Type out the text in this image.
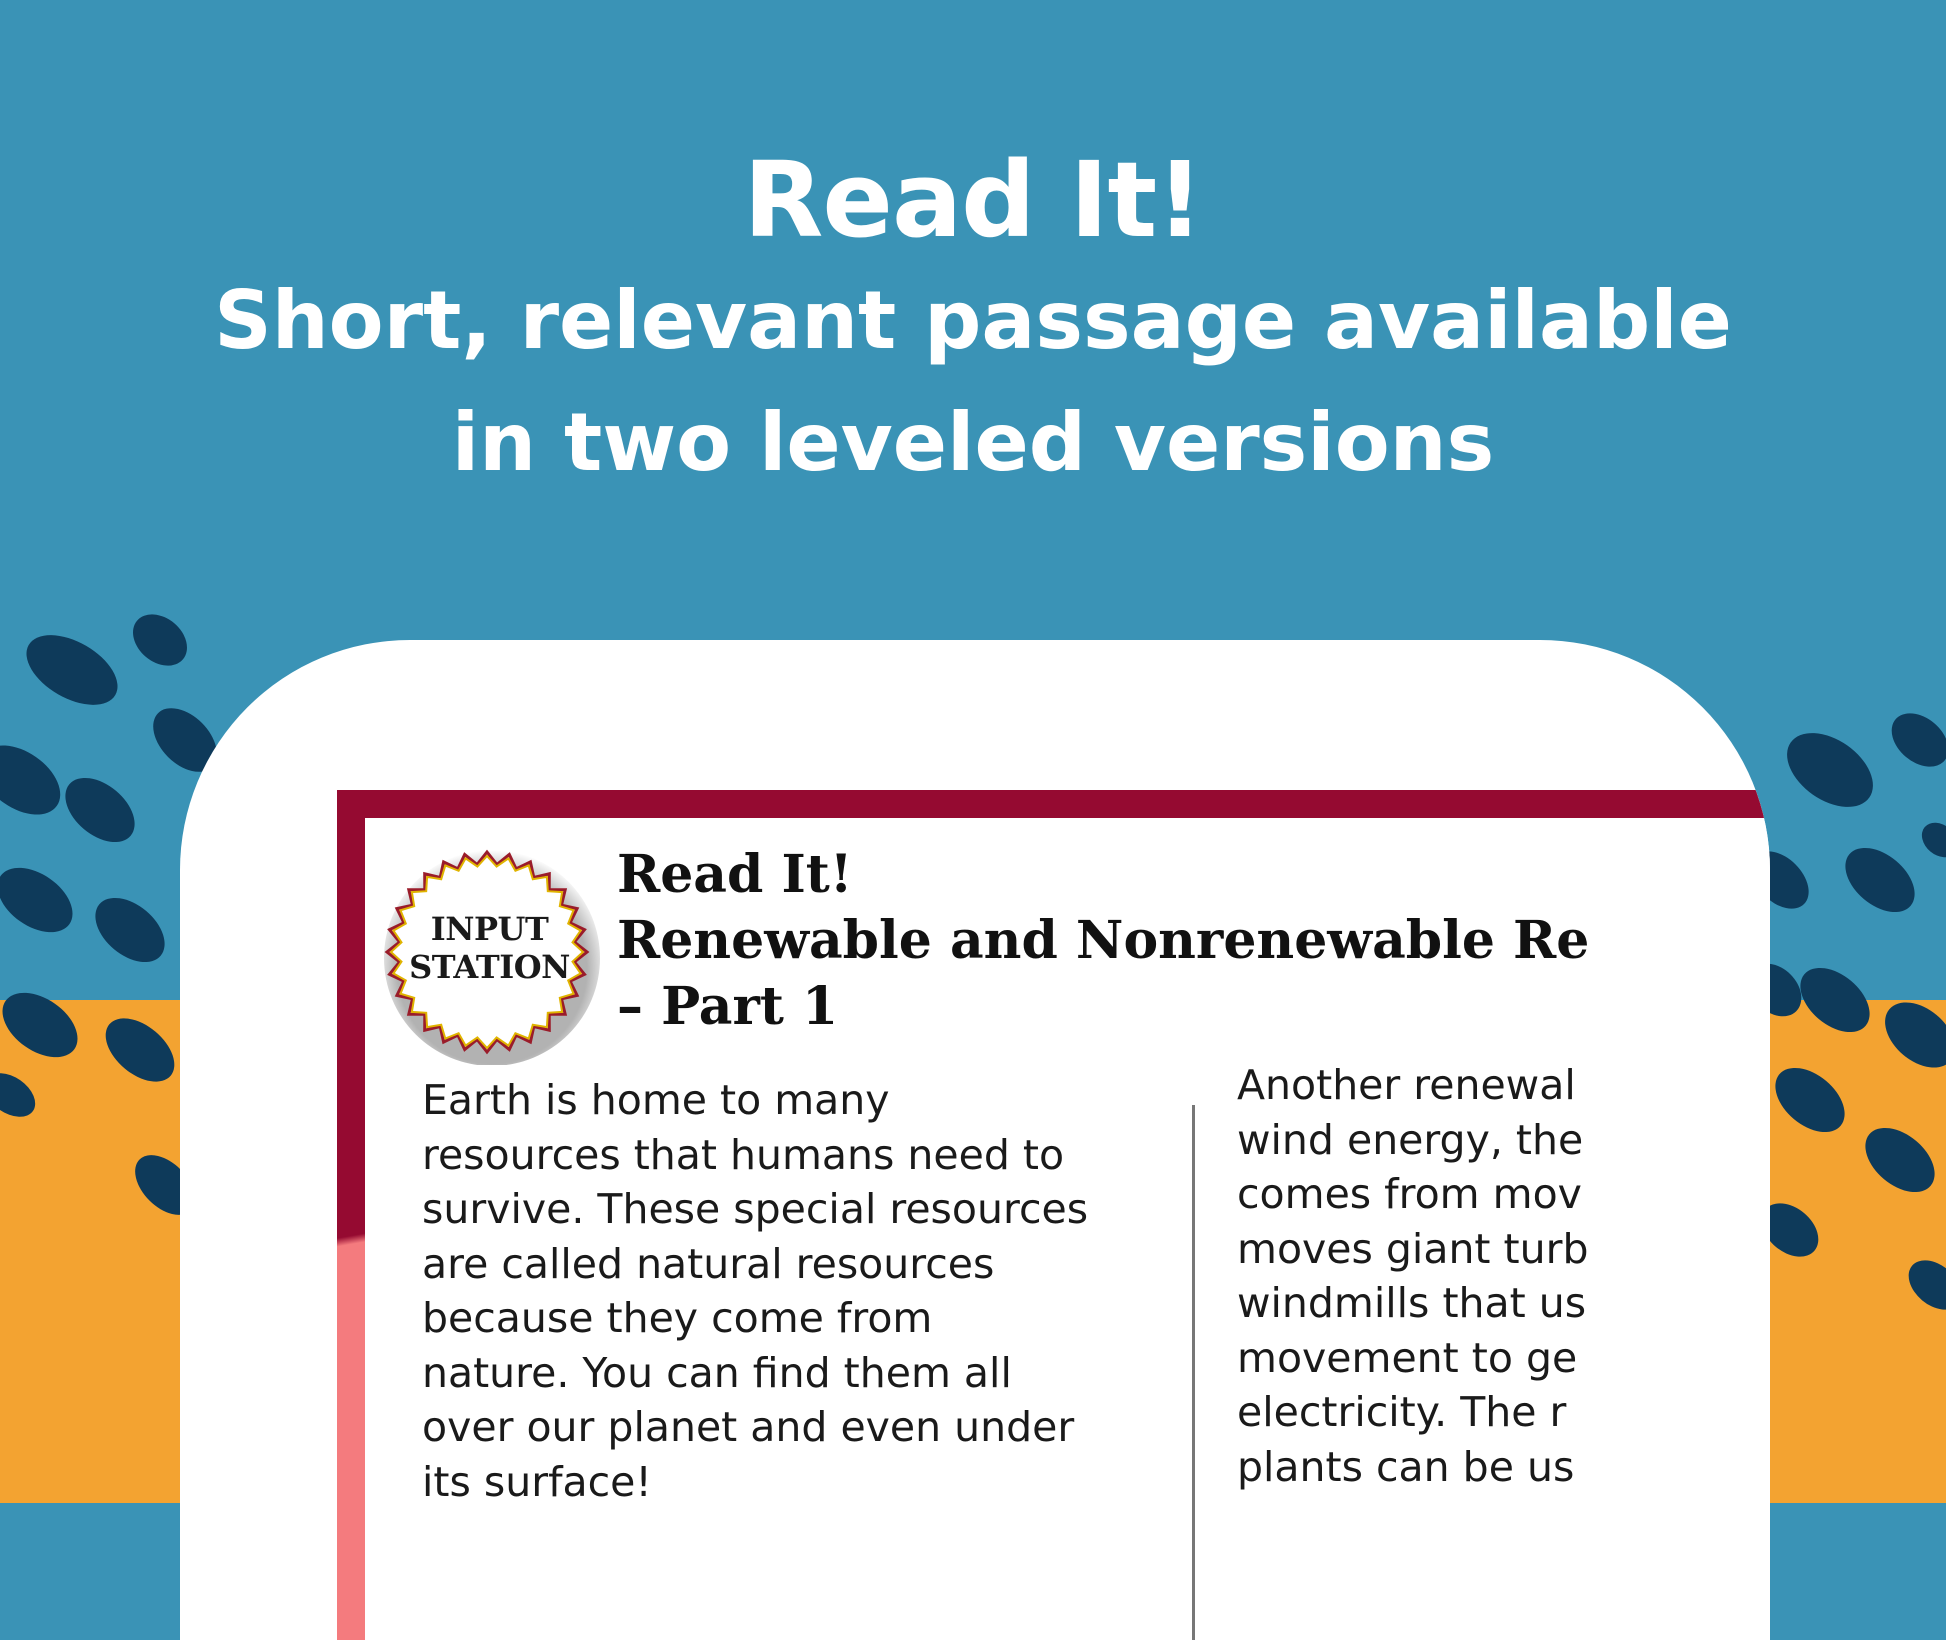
Read It!
Short, relevant passage available
in two leveled versions
INPUT
STATION
Read It!
Renewable and Nonrenewable Re
– Part 1
Earth is home to many
resources that humans need to
survive. These special resources
are called natural resources
because they come from
nature. You can find them all
over our planet and even under
its surface!
Another renewal
wind energy, the
comes from mov
moves giant turb
windmills that us
movement to ge
electricity. The r
plants can be us
